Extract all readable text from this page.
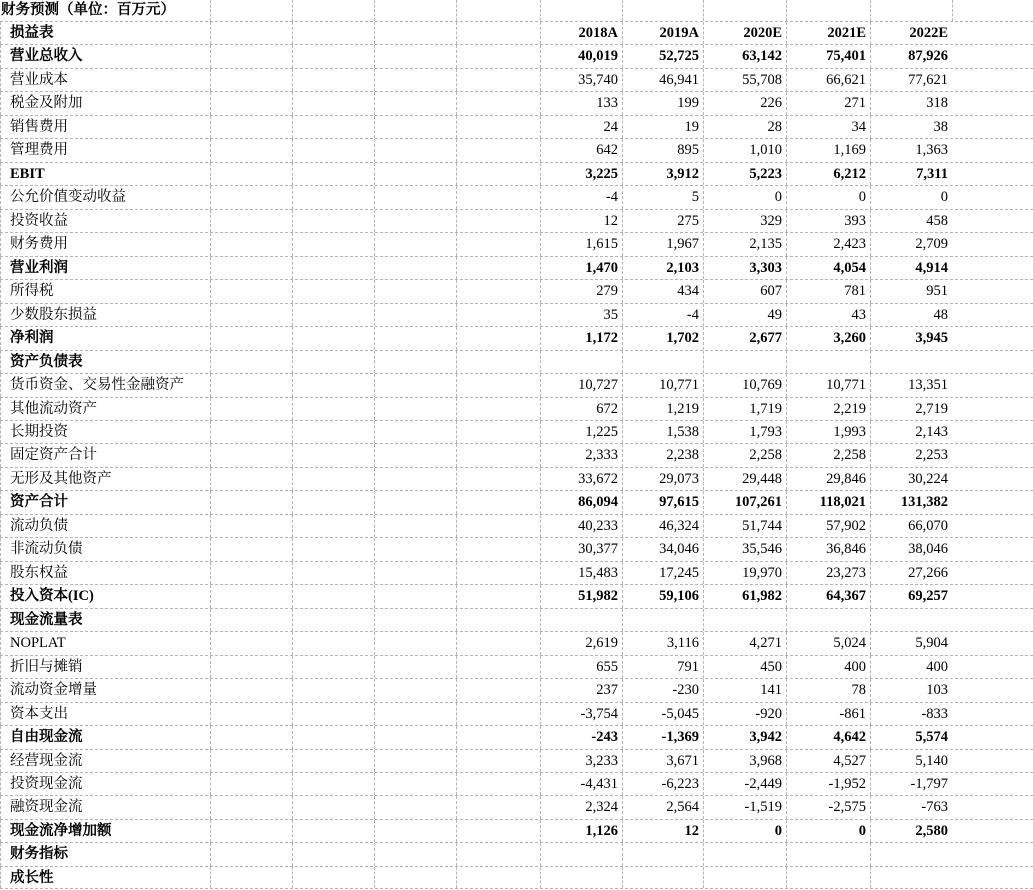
财务预测（单位：百万元）
损益表	2018A	2019A	2020E	2021E	2022E
营业总收入	40,019	52,725	63,142	75,401	87,926
营业成本	35,740	46,941	55,708	66,621	77,621
税金及附加	133	199	226	271	318
销售费用	24	19	28	34	38
管理费用	642	895	1,010	1,169	1,363
EBIT	3,225	3,912	5,223	6,212	7,311
公允价值变动收益	-4	5	0	0	0
投资收益	12	275	329	393	458
财务费用	1,615	1,967	2,135	2,423	2,709
营业利润	1,470	2,103	3,303	4,054	4,914
所得税	279	434	607	781	951
少数股东损益	35	-4	49	43	48
净利润	1,172	1,702	2,677	3,260	3,945
资产负债表
货币资金、交易性金融资产	10,727	10,771	10,769	10,771	13,351
其他流动资产	672	1,219	1,719	2,219	2,719
长期投资	1,225	1,538	1,793	1,993	2,143
固定资产合计	2,333	2,238	2,258	2,258	2,253
无形及其他资产	33,672	29,073	29,448	29,846	30,224
资产合计	86,094	97,615	107,261	118,021	131,382
流动负债	40,233	46,324	51,744	57,902	66,070
非流动负债	30,377	34,046	35,546	36,846	38,046
股东权益	15,483	17,245	19,970	23,273	27,266
投入资本(IC)	51,982	59,106	61,982	64,367	69,257
现金流量表
NOPLAT	2,619	3,116	4,271	5,024	5,904
折旧与摊销	655	791	450	400	400
流动资金增量	237	-230	141	78	103
资本支出	-3,754	-5,045	-920	-861	-833
自由现金流	-243	-1,369	3,942	4,642	5,574
经营现金流	3,233	3,671	3,968	4,527	5,140
投资现金流	-4,431	-6,223	-2,449	-1,952	-1,797
融资现金流	2,324	2,564	-1,519	-2,575	-763
现金流净增加额	1,126	12	0	0	2,580
财务指标
成长性
